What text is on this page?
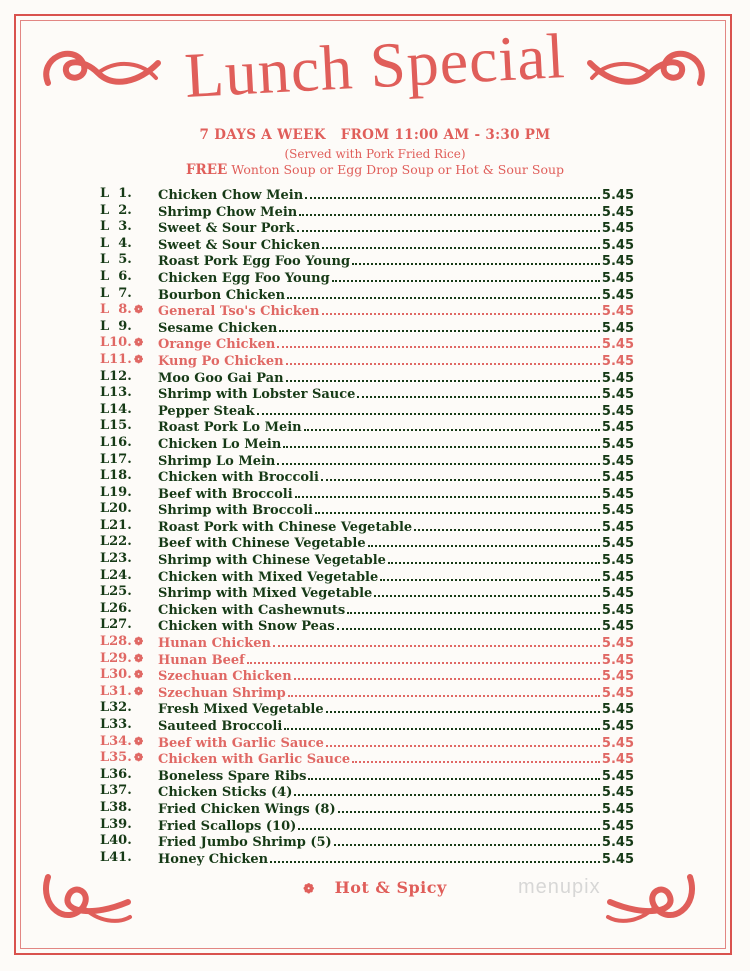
Lunch Special
7 DAYS A WEEK   FROM 11:00 AM - 3:30 PM
(Served with Pork Fried Rice)
FREE Wonton Soup or Egg Drop Soup or Hot & Sour Soup
L  1.	Chicken Chow Mein	5.45
L  2.	Shrimp Chow Mein	5.45
L  3.	Sweet & Sour Pork	5.45
L  4.	Sweet & Sour Chicken	5.45
L  5.	Roast Pork Egg Foo Young	5.45
L  6.	Chicken Egg Foo Young	5.45
L  7.	Bourbon Chicken	5.45
L  8. ❁ General Tso's Chicken	5.45
L  9.	Sesame Chicken	5.45
L10. ❁ Orange Chicken	5.45
L11. ❁ Kung Po Chicken	5.45
L12.	Moo Goo Gai Pan	5.45
L13.	Shrimp with Lobster Sauce	5.45
L14.	Pepper Steak	5.45
L15.	Roast Pork Lo Mein	5.45
L16.	Chicken Lo Mein	5.45
L17.	Shrimp Lo Mein	5.45
L18.	Chicken with Broccoli	5.45
L19.	Beef with Broccoli	5.45
L20.	Shrimp with Broccoli	5.45
L21.	Roast Pork with Chinese Vegetable	5.45
L22.	Beef with Chinese Vegetable	5.45
L23.	Shrimp with Chinese Vegetable	5.45
L24.	Chicken with Mixed Vegetable	5.45
L25.	Shrimp with Mixed Vegetable	5.45
L26.	Chicken with Cashewnuts	5.45
L27.	Chicken with Snow Peas	5.45
L28. ❁ Hunan Chicken	5.45
L29. ❁ Hunan Beef	5.45
L30. ❁ Szechuan Chicken	5.45
L31. ❁ Szechuan Shrimp	5.45
L32.	Fresh Mixed Vegetable	5.45
L33.	Sauteed Broccoli	5.45
L34. ❁ Beef with Garlic Sauce	5.45
L35. ❁ Chicken with Garlic Sauce	5.45
L36.	Boneless Spare Ribs	5.45
L37.	Chicken Sticks (4)	5.45
L38.	Fried Chicken Wings (8)	5.45
L39.	Fried Scallops (10)	5.45
L40.	Fried Jumbo Shrimp (5)	5.45
L41.	Honey Chicken	5.45
❁ Hot & Spicy	menupix
